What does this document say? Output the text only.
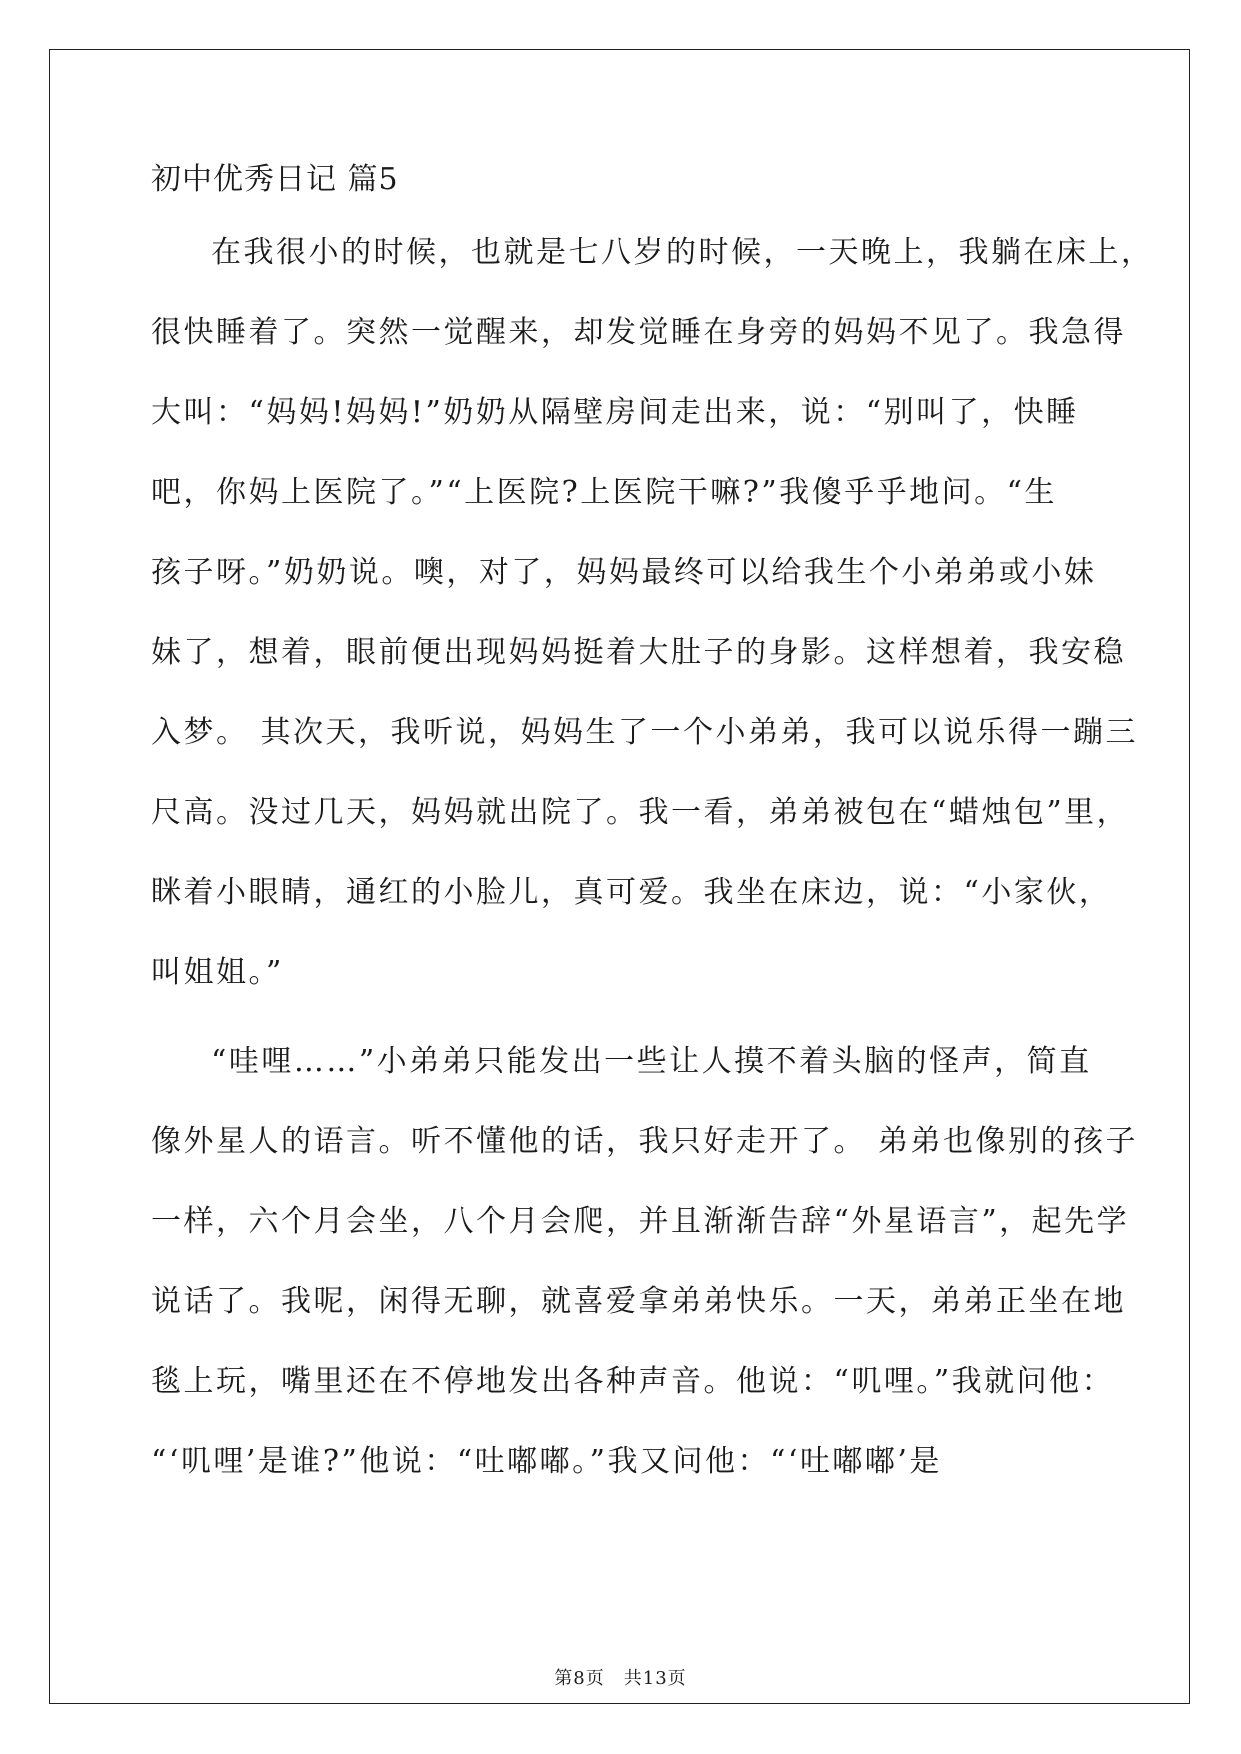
初中优秀日记 篇5
在我很小的时候，也就是七八岁的时候，一天晚上，我躺在床上，
很快睡着了。突然一觉醒来，却发觉睡在身旁的妈妈不见了。我急得
大叫：“妈妈!妈妈!”奶奶从隔壁房间走出来，说：“别叫了，快睡
吧，你妈上医院了。”“上医院?上医院干嘛?”我傻乎乎地问。“生
孩子呀。”奶奶说。噢，对了，妈妈最终可以给我生个小弟弟或小妹
妹了，想着，眼前便出现妈妈挺着大肚子的身影。这样想着，我安稳
入梦。 其次天，我听说，妈妈生了一个小弟弟，我可以说乐得一蹦三
尺高。没过几天，妈妈就出院了。我一看，弟弟被包在“蜡烛包”里，
眯着小眼睛，通红的小脸儿，真可爱。我坐在床边，说：“小家伙，
叫姐姐。”
“哇哩……”小弟弟只能发出一些让人摸不着头脑的怪声，简直
像外星人的语言。听不懂他的话，我只好走开了。 弟弟也像别的孩子
一样，六个月会坐，八个月会爬，并且渐渐告辞“外星语言”，起先学
说话了。我呢，闲得无聊，就喜爱拿弟弟快乐。一天，弟弟正坐在地
毯上玩，嘴里还在不停地发出各种声音。他说：“叽哩。”我就问他：
“‘叽哩’是谁?”他说：“吐嘟嘟。”我又问他：“‘吐嘟嘟’是
第8页　共13页
